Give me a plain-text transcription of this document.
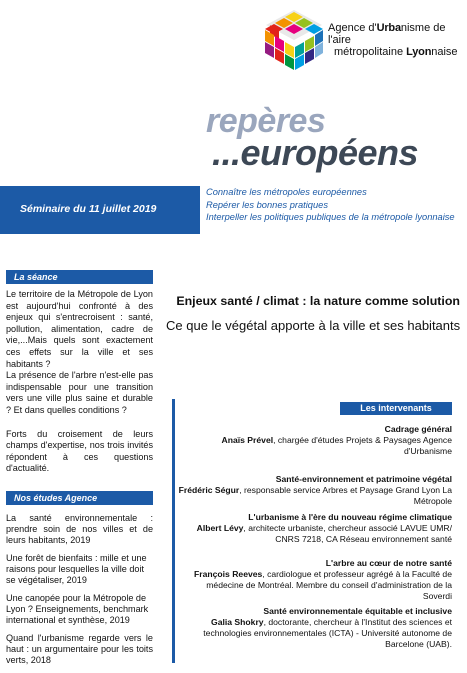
Agence d'Urbanisme de l'aire
métropolitaine Lyonnaise
repères
...européens
Séminaire du 11 juillet 2019
Connaître les métropoles européennes
Repérer les bonnes pratiques
Interpeller les politiques publiques de la métropole lyonnaise
La séance

Le territoire de la Métropole de Lyon est aujourd'hui confronté à des enjeux qui s'entrecroisent : santé, pollution, alimentation, cadre de vie,...Mais quels sont exactement ces effets sur la ville et ses habitants ?

La présence de l'arbre n'est-elle pas indispensable pour une transition vers une ville plus saine et durable ? Et dans quelles conditions ?

Forts du croisement de leurs champs d'expertise, nos trois invités répondent à ces questions d'actualité.

Nos études Agence

La santé environnementale : prendre soin de nos villes et de leurs habitants, 2019

Une forêt de bienfaits : mille et une raisons pour lesquelles la ville doit se végétaliser, 2019

Une canopée pour la Métropole de Lyon ? Enseignements, benchmark international et synthèse, 2019

Quand l'urbanisme regarde vers le haut : un argumentaire pour les toits verts, 2018

Enjeux santé / climat : la nature comme solution
Ce que le végétal apporte à la ville et ses habitants
Les intervenants
Cadrage général
Anaïs Prével, chargée d'études Projets & Paysages Agence d'Urbanisme
Santé-environnement et patrimoine végétal
Frédéric Ségur, responsable service Arbres et Paysage Grand Lyon La Métropole
L'urbanisme à l'ère du nouveau régime climatique
Albert Lévy, architecte urbaniste, chercheur associé LAVUE UMR/ CNRS 7218, CA Réseau environnement santé
L'arbre au cœur de notre santé
François Reeves, cardiologue et professeur agrégé à la Faculté de médecine de Montréal. Membre du conseil d'administration de la Soverdi
Santé environnementale équitable et inclusive
Galia Shokry, doctorante, chercheur à l'Institut des sciences et technologies environnementales (ICTA) - Université autonome de Barcelone (UAB).
